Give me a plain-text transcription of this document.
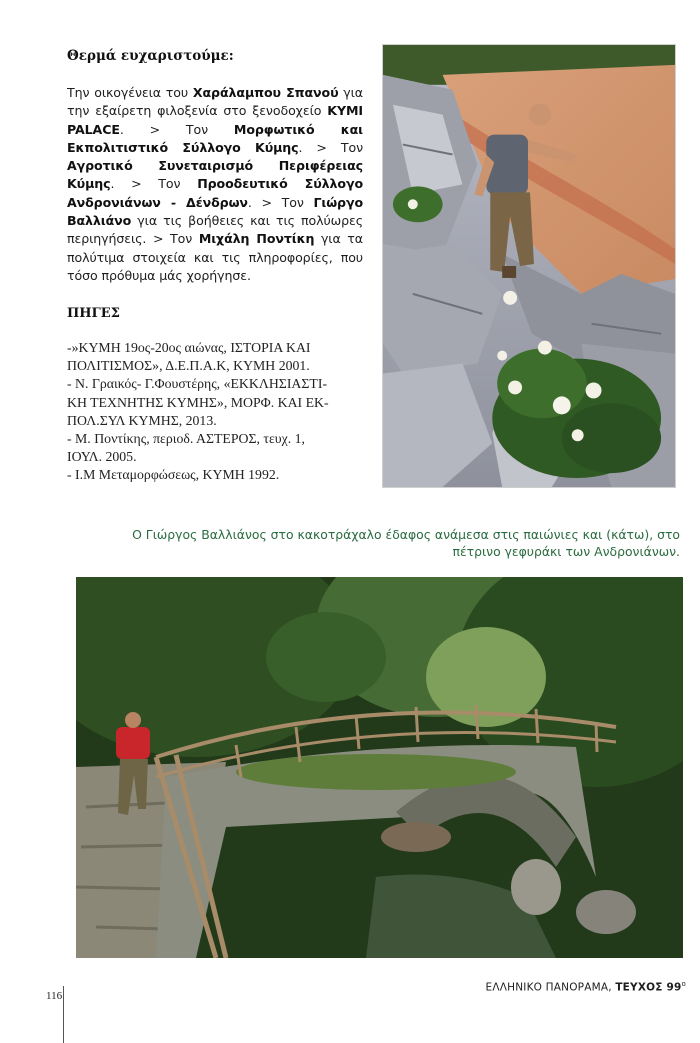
Θερμά ευχαριστούμε:
Την οικογένεια του Χαράλαμπου Σπανού για την εξαίρετη φιλοξενία στο ξενοδοχείο ΚΥΜΙ PALACE. > Τον Μορφωτικό και Εκπολιτιστικό Σύλλογο Κύμης. > Τον Αγροτικό Συνεταιρισμό Περιφέρειας Κύμης. > Τον Προοδευτικό Σύλλογο Ανδρονιάνων - Δένδρων. > Τον Γιώργο Βαλλιάνο για τις βοήθειες και τις πολύωρες περιηγήσεις. > Τον Μιχάλη Ποντίκη για τα πολύτιμα στοιχεία και τις πληροφορίες, που τόσο πρόθυμα μάς χορήγησε.
ΠΗΓΕΣ
-»ΚΥΜΗ 19ος-20ος αιώνας, ΙΣΤΟΡΙΑ ΚΑΙ
ΠΟΛΙΤΙΣΜΟΣ», Δ.Ε.Π.Α.Κ, ΚΥΜΗ 2001.
- Ν. Γραικός- Γ.Φουστέρης, «ΕΚΚΛΗΣΙΑΣΤΙ-
ΚΗ ΤΕΧΝΗΤΗΣ ΚΥΜΗΣ», ΜΟΡΦ. ΚΑΙ ΕΚ-
ΠΟΛ.ΣΥΛ ΚΥΜΗΣ, 2013.
- Μ. Ποντίκης, περιοδ. ΑΣΤΕΡΟΣ, τευχ. 1,
ΙΟΥΛ. 2005.
- Ι.Μ Μεταμορφώσεως, ΚΥΜΗ 1992.
Ο Γιώργος Βαλλιάνος στο κακοτράχαλο έδαφος ανάμεσα στις παιώνιες και (κάτω), στο
πέτρινο γεφυράκι των Ανδρονιάνων.
116
ΕΛΛΗΝΙΚΟ ΠΑΝΟΡΑΜΑ, ΤΕΥΧΟΣ $99^o$
